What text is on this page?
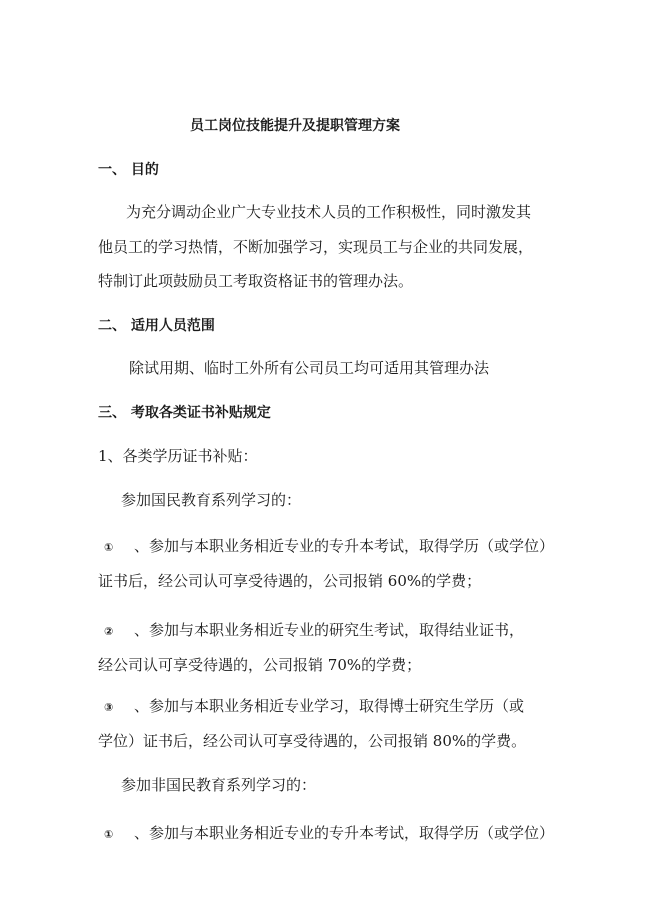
员工岗位技能提升及提职管理方案
一、 目的
为充分调动企业广大专业技术人员的工作积极性，同时激发其
他员工的学习热情，不断加强学习，实现员工与企业的共同发展，
特制订此项鼓励员工考取资格证书的管理办法。
二、 适用人员范围
除试用期、临时工外所有公司员工均可适用其管理办法
三、 考取各类证书补贴规定
1、各类学历证书补贴：
参加国民教育系列学习的：
① 、参加与本职业务相近专业的专升本考试，取得学历（或学位）
证书后，经公司认可享受待遇的，公司报销 60%的学费；
② 、参加与本职业务相近专业的研究生考试，取得结业证书，
经公司认可享受待遇的，公司报销 70%的学费；
③ 、参加与本职业务相近专业学习，取得博士研究生学历（或
学位）证书后，经公司认可享受待遇的，公司报销 80%的学费。
参加非国民教育系列学习的：
① 、参加与本职业务相近专业的专升本考试，取得学历（或学位）
